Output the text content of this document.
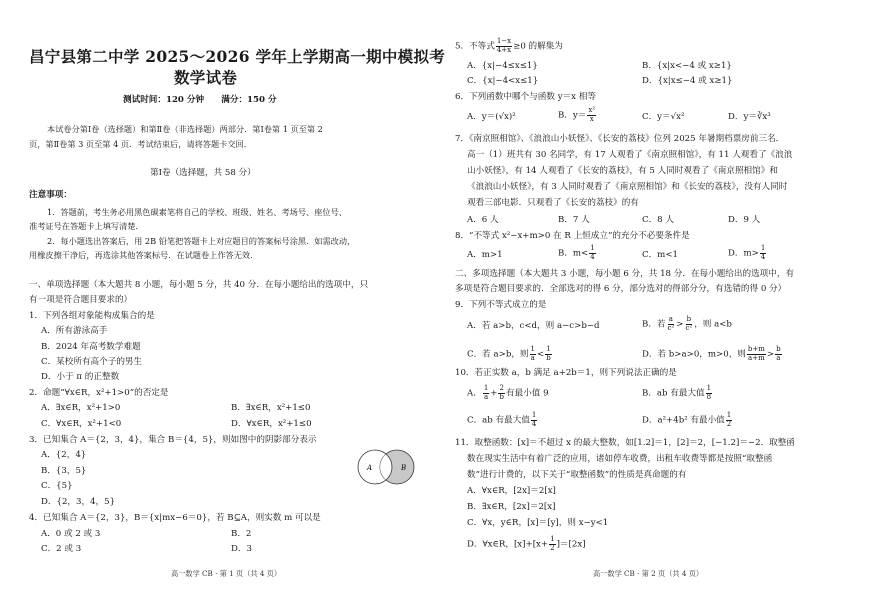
昌宁县第二中学 2025～2026 学年上学期高一期中模拟考
数学试卷
测试时间：120 分钟　　满分：150 分
本试卷分第Ⅰ卷（选择题）和第Ⅱ卷（非选择题）两部分．第Ⅰ卷第 1 页至第 2
页，第Ⅱ卷第 3 页至第 4 页．考试结束后，请将答题卡交回．
第Ⅰ卷（选择题，共 58 分）
注意事项：
1．答题前，考生务必用黑色碳素笔将自己的学校、班级、姓名、考场号、座位号、
准考证号在答题卡上填写清楚．
2．每小题选出答案后，用 2B 铅笔把答题卡上对应题目的答案标号涂黑．如需改动，
用橡皮擦干净后，再选涂其他答案标号．在试题卷上作答无效．
一、单项选择题（本大题共 8 小题，每小题 5 分，共 40 分．在每小题给出的选项中，只
有一项是符合题目要求的）
1．下列各组对象能构成集合的是
A．所有游泳高手
B．2024 年高考数学难题
C．某校所有高个子的男生
D．小于 π 的正整数
2．命题“∀x∈R，x²+1>0”的否定是
A．∃x∈R，x²+1>0	B．∃x∈R，x²+1≤0
C．∀x∈R，x²+1<0	D．∀x∈R，x²+1≤0
3．已知集合 A＝{2，3，4}，集合 B＝{4，5}，则如图中的阴影部分表示
A．{2，4}
B．{3，5}
C．{5}
D．{2，3，4，5}
A	B
4．已知集合 A＝{2，3}，B＝{x|mx−6＝0}，若 B⊆A，则实数 m 可以是
A．0 或 2 或 3	B．2
C．2 或 3	D．3
高一数学 CB · 第 1 页（共 4 页）
5．不等式 $\frac{1-x}{4+x} \ge 0$ 的解集为
A．{x|−4≤x≤1}	B．{x|x<−4 或 x≥1}
C．{x|−4<x≤1}	D．{x|x≤−4 或 x≥1}
6．下列函数中哪个与函数 y＝x 相等
A．y＝(√x)²	B．$y= \frac{\text{x²}}{x}$	C．y＝√x²	D．y＝∛x³
7．《南京照相馆》、《浪浪山小妖怪》、《长安的荔枝》位列 2025 年暑期档票房前三名．
高一（1）班共有 30 名同学，有 17 人观看了《南京照相馆》，有 11 人观看了《浪浪
山小妖怪》，有 14 人观看了《长安的荔枝》，有 5 人同时观看了《南京照相馆》和
《浪浪山小妖怪》，有 3 人同时观看了《南京照相馆》和《长安的荔枝》，没有人同时
观看三部电影．只观看了《长安的荔枝》的有
A．6 人	B．7 人	C．8 人	D．9 人
8．“不等式 x²−x+m>0 在 R 上恒成立”的充分不必要条件是
A．m>1	B．$m< \frac{1}{4}$	C．m<1	D．$m> \frac{1}{4}$
二、多项选择题（本大题共 3 小题，每小题 6 分，共 18 分．在每小题给出的选项中，有
多项是符合题目要求的．全部选对的得 6 分，部分选对的得部分分，有选错的得 0 分）
9．下列不等式成立的是
A．若 a>b，c<d，则 a−c>b−d	B．若 $\frac{a}{\text{c²}} > \frac{b}{\text{c²}}$ ，则 a<b
C．若 a>b，则 $\frac{1}{a} < \frac{1}{b}$	D．若 b>a>0，m>0，则 $\frac{b+m}{a+m} > \frac{b}{a}$
10．若正实数 a，b 满足 a+2b＝1，则下列说法正确的是
A． $\frac{1}{a} + \frac{2}{b}$ 有最小值 9	B．ab 有最大值 $\frac{1}{8}$
C．ab 有最大值 $\frac{1}{4}$	D．a²+4b² 有最小值 $\frac{1}{2}$
11．取整函数：[x]＝不超过 x 的最大整数，如[1.2]＝1，[2]＝2，[−1.2]＝−2．取整函
数在现实生活中有着广泛的应用，诸如停车收费，出租车收费等都是按照“取整函
数”进行计费的，以下关于“取整函数”的性质是真命题的有
A．∀x∈R，[2x]＝2[x]
B．∃x∈R，[2x]＝2[x]
C．∀x，y∈R，[x]＝[y]，则 x−y<1
D．∀x∈R，$[x]+[x+ \frac{1}{2} ]=[2x]$
高一数学 CB · 第 2 页（共 4 页）
